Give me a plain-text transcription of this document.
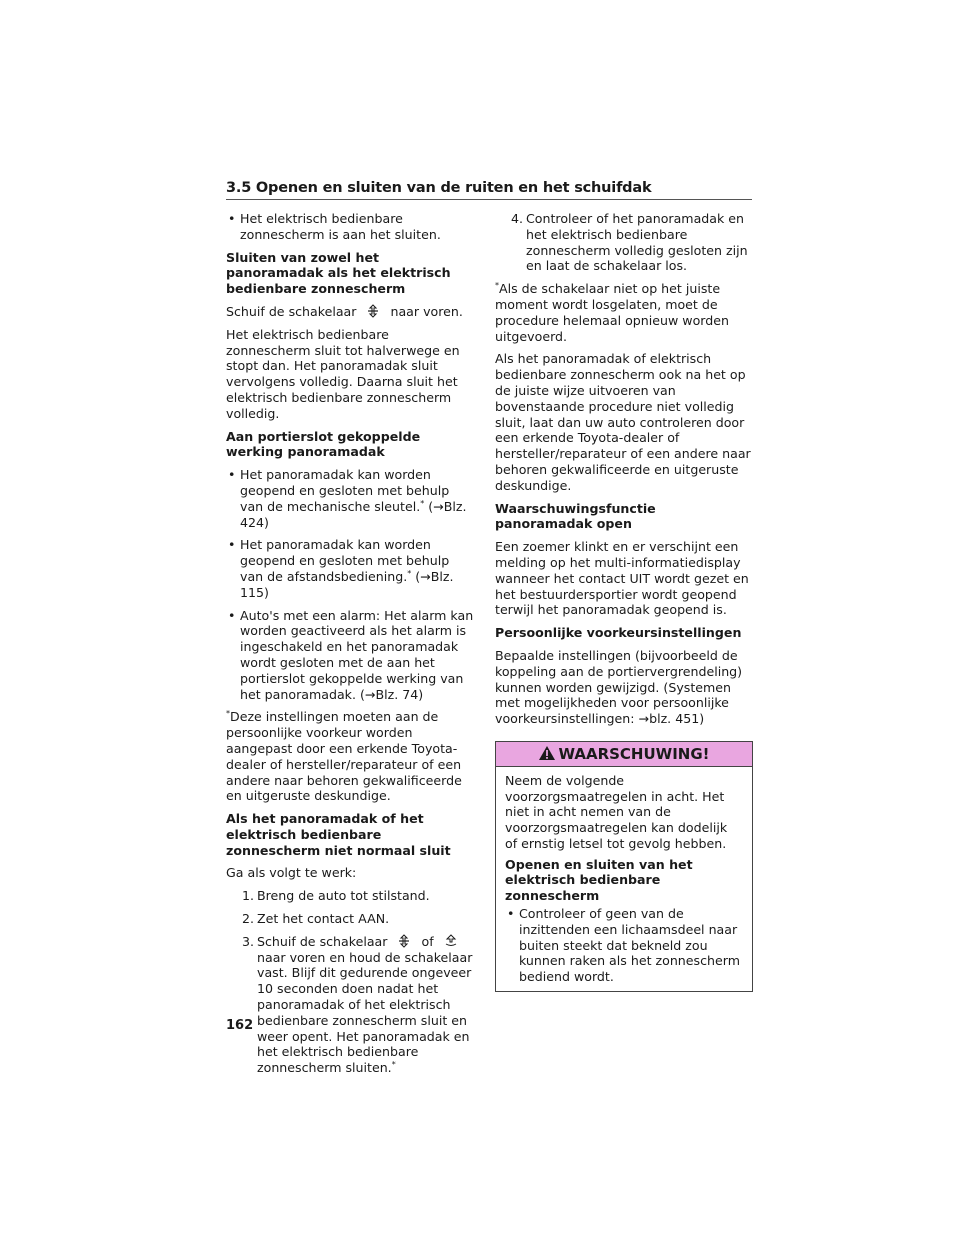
3.5 Openen en sluiten van de ruiten en het schuifdak
• Het elektrisch bedienbare zonnescherm is aan het sluiten.

Sluiten van zowel het panoramadak als het elektrisch bedienbare zonnescherm

Schuif de schakelaar	naar voren.

Het elektrisch bedienbare zonnescherm sluit tot halverwege en stopt dan. Het panoramadak sluit vervolgens volledig. Daarna sluit het elektrisch bedienbare zonnescherm volledig.

Aan portierslot gekoppelde werking panoramadak

• Het panoramadak kan worden geopend en gesloten met behulp van de mechanische sleutel.* (→Blz. 424)
• Het panoramadak kan worden geopend en gesloten met behulp van de afstandsbediening.* (→Blz. 115)
• Auto's met een alarm: Het alarm kan worden geactiveerd als het alarm is ingeschakeld en het panoramadak wordt gesloten met de aan het portierslot gekoppelde werking van het panoramadak. (→Blz. 74)

*Deze instellingen moeten aan de persoonlijke voorkeur worden aangepast door een erkende Toyota-dealer of hersteller/reparateur of een andere naar behoren gekwalificeerde en uitgeruste deskundige.

Als het panoramadak of het elektrisch bedienbare zonnescherm niet normaal sluit

Ga als volgt te werk:

1. Breng de auto tot stilstand.
2. Zet het contact AAN.
3. Schuif de schakelaar	of  naar voren en houd de schakelaar vast. Blijf dit gedurende ongeveer 10 seconden doen nadat het panoramadak of het elektrisch bedienbare zonnescherm sluit en weer opent. Het panoramadak en het elektrisch bedienbare zonnescherm sluiten.*
4. Controleer of het panoramadak en het elektrisch bedienbare zonnescherm volledig gesloten zijn en laat de schakelaar los.

*Als de schakelaar niet op het juiste moment wordt losgelaten, moet de procedure helemaal opnieuw worden uitgevoerd.

Als het panoramadak of elektrisch bedienbare zonnescherm ook na het op de juiste wijze uitvoeren van bovenstaande procedure niet volledig sluit, laat dan uw auto controleren door een erkende Toyota-dealer of hersteller/reparateur of een andere naar behoren gekwalificeerde en uitgeruste deskundige.

Waarschuwingsfunctie panoramadak open

Een zoemer klinkt en er verschijnt een melding op het multi-informatiedisplay wanneer het contact UIT wordt gezet en het bestuurdersportier wordt geopend terwijl het panoramadak geopend is.

Persoonlijke voorkeursinstellingen

Bepaalde instellingen (bijvoorbeeld de koppeling aan de portiervergrendeling) kunnen worden gewijzigd. (Systemen met mogelijkheden voor persoonlijke voorkeursinstellingen: →blz. 451)

WAARSCHUWING!

Neem de volgende voorzorgsmaatregelen in acht. Het niet in acht nemen van de voorzorgsmaatregelen kan dodelijk of ernstig letsel tot gevolg hebben.

Openen en sluiten van het elektrisch bedienbare zonnescherm

• Controleer of geen van de inzittenden een lichaamsdeel naar buiten steekt dat bekneld zou kunnen raken als het zonnescherm bediend wordt.
162
